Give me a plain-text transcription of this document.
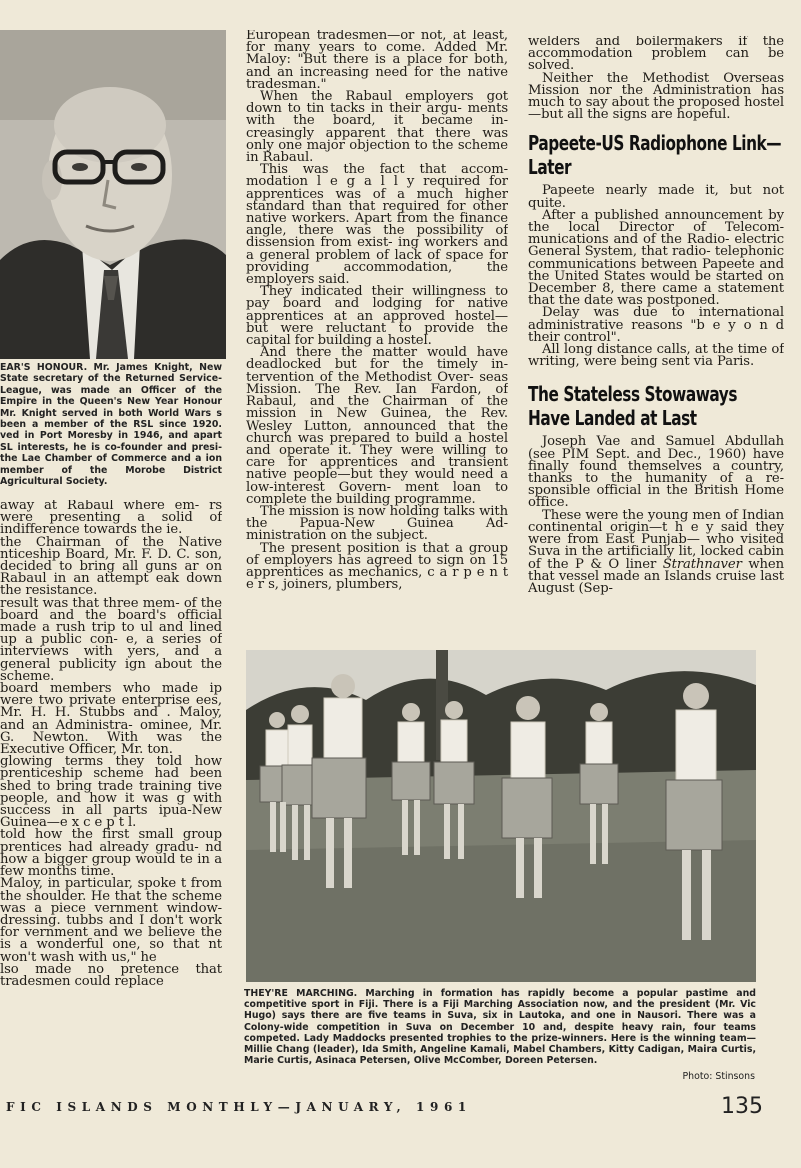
EAR'S HONOUR. Mr. James Knight, New State secretary of the Returned Service- League, was made an Officer of the Empire in the Queen's New Year Honour Mr. Knight served in both World Wars s been a member of the RSL since 1920. ved in Port Moresby in 1946, and apart SL interests, he is co-founder and presi- the Lae Chamber of Commerce and a ion member of the Morobe District Agricultural Society.

away at Rabaul where em- rs were presenting a solid of indifference towards the ie.

the Chairman of the Native nticeship Board, Mr. F. D. C. son, decided to bring all guns ar on Rabaul in an attempt eak down the resistance.

result was that three mem- of the board and the board's official made a rush trip to ul and lined up a public con- e, a series of interviews with yers, and a general publicity ign about the scheme.

board members who made ip were two private enterprise ees, Mr. H. H. Stubbs and . Maloy, and an Administra- ominee, Mr. G. Newton. With was the Executive Officer, Mr. ton.

glowing terms they told how prenticeship scheme had been shed to bring trade training tive people, and how it was g with success in all parts ipua-New Guinea—e x c e p t l.

told how the first small group prentices had already gradu- nd how a bigger group would te in a few months time.

Maloy, in particular, spoke t from the shoulder. He that the scheme was a piece vernment window-dressing. tubbs and I don't work for vernment and we believe the is a wonderful one, so that nt won't wash with us," he

lso made no pretence that tradesmen could replace

European tradesmen—or not, at least, for many years to come. Added Mr. Maloy: "But there is a place for both, and an increasing need for the native tradesman."

When the Rabaul employers got down to tin tacks in their argu- ments with the board, it became in- creasingly apparent that there was only one major objection to the scheme in Rabaul.

This was the fact that accom- modation l e g a l l y required for apprentices was of a much higher standard than that required for other native workers. Apart from the finance angle, there was the possibility of dissension from exist- ing workers and a general problem of lack of space for providing accommodation, the employers said.

They indicated their willingness to pay board and lodging for native apprentices at an approved hostel— but were reluctant to provide the capital for building a hostel.

And there the matter would have deadlocked but for the timely in- tervention of the Methodist Over- seas Mission. The Rev. Ian Fardon, of Rabaul, and the Chairman of the mission in New Guinea, the Rev. Wesley Lutton, announced that the church was prepared to build a hostel and operate it. They were willing to care for apprentices and transient native people—but they would need a low-interest Govern- ment loan to complete the building programme.

The mission is now holding talks with the Papua-New Guinea Ad- ministration on the subject.

The present position is that a group of employers has agreed to sign on 15 apprentices as mechanics, c a r p e n t e r s, joiners, plumbers,

welders and boilermakers if the accommodation problem can be solved.

Neither the Methodist Overseas Mission nor the Administration has much to say about the proposed hostel—but all the signs are hopeful.

Papeete-US Radiophone Link—Later

Papeete nearly made it, but not quite.

After a published announcement by the local Director of Telecom- munications and of the Radio- electric General System, that radio- telephonic communications between Papeete and the United States would be started on December 8, there came a statement that the date was postponed.

Delay was due to international administrative reasons "b e y o n d their control".

All long distance calls, at the time of writing, were being sent via Paris.

The Stateless Stowaways Have Landed at Last

Joseph Vae and Samuel Abdullah (see PIM Sept. and Dec., 1960) have finally found themselves a country, thanks to the humanity of a re- sponsible official in the British Home office.

These were the young men of Indian continental origin—t h e y said they were from East Punjab— who visited Suva in the artificially lit, locked cabin of the P & O liner Strathnaver when that vessel made an Islands cruise last August (Sep-

THEY'RE MARCHING. Marching in formation has rapidly become a popular pastime and competitive sport in Fiji. There is a Fiji Marching Association now, and the president (Mr. Vic Hugo) says there are five teams in Suva, six in Lautoka, and one in Nausori. There was a Colony-wide competition in Suva on December 10 and, despite heavy rain, four teams competed. Lady Maddocks presented trophies to the prize-winners. Here is the winning team—Millie Chang (leader), Ida Smith, Angeline Kamali, Mabel Chambers, Kitty Cadigan, Maira Curtis, Marie Curtis, Asinaca Petersen, Olive McComber, Doreen Petersen.
Photo: Stinsons
FIC ISLANDS MONTHLY—JANUARY, 1961	135
